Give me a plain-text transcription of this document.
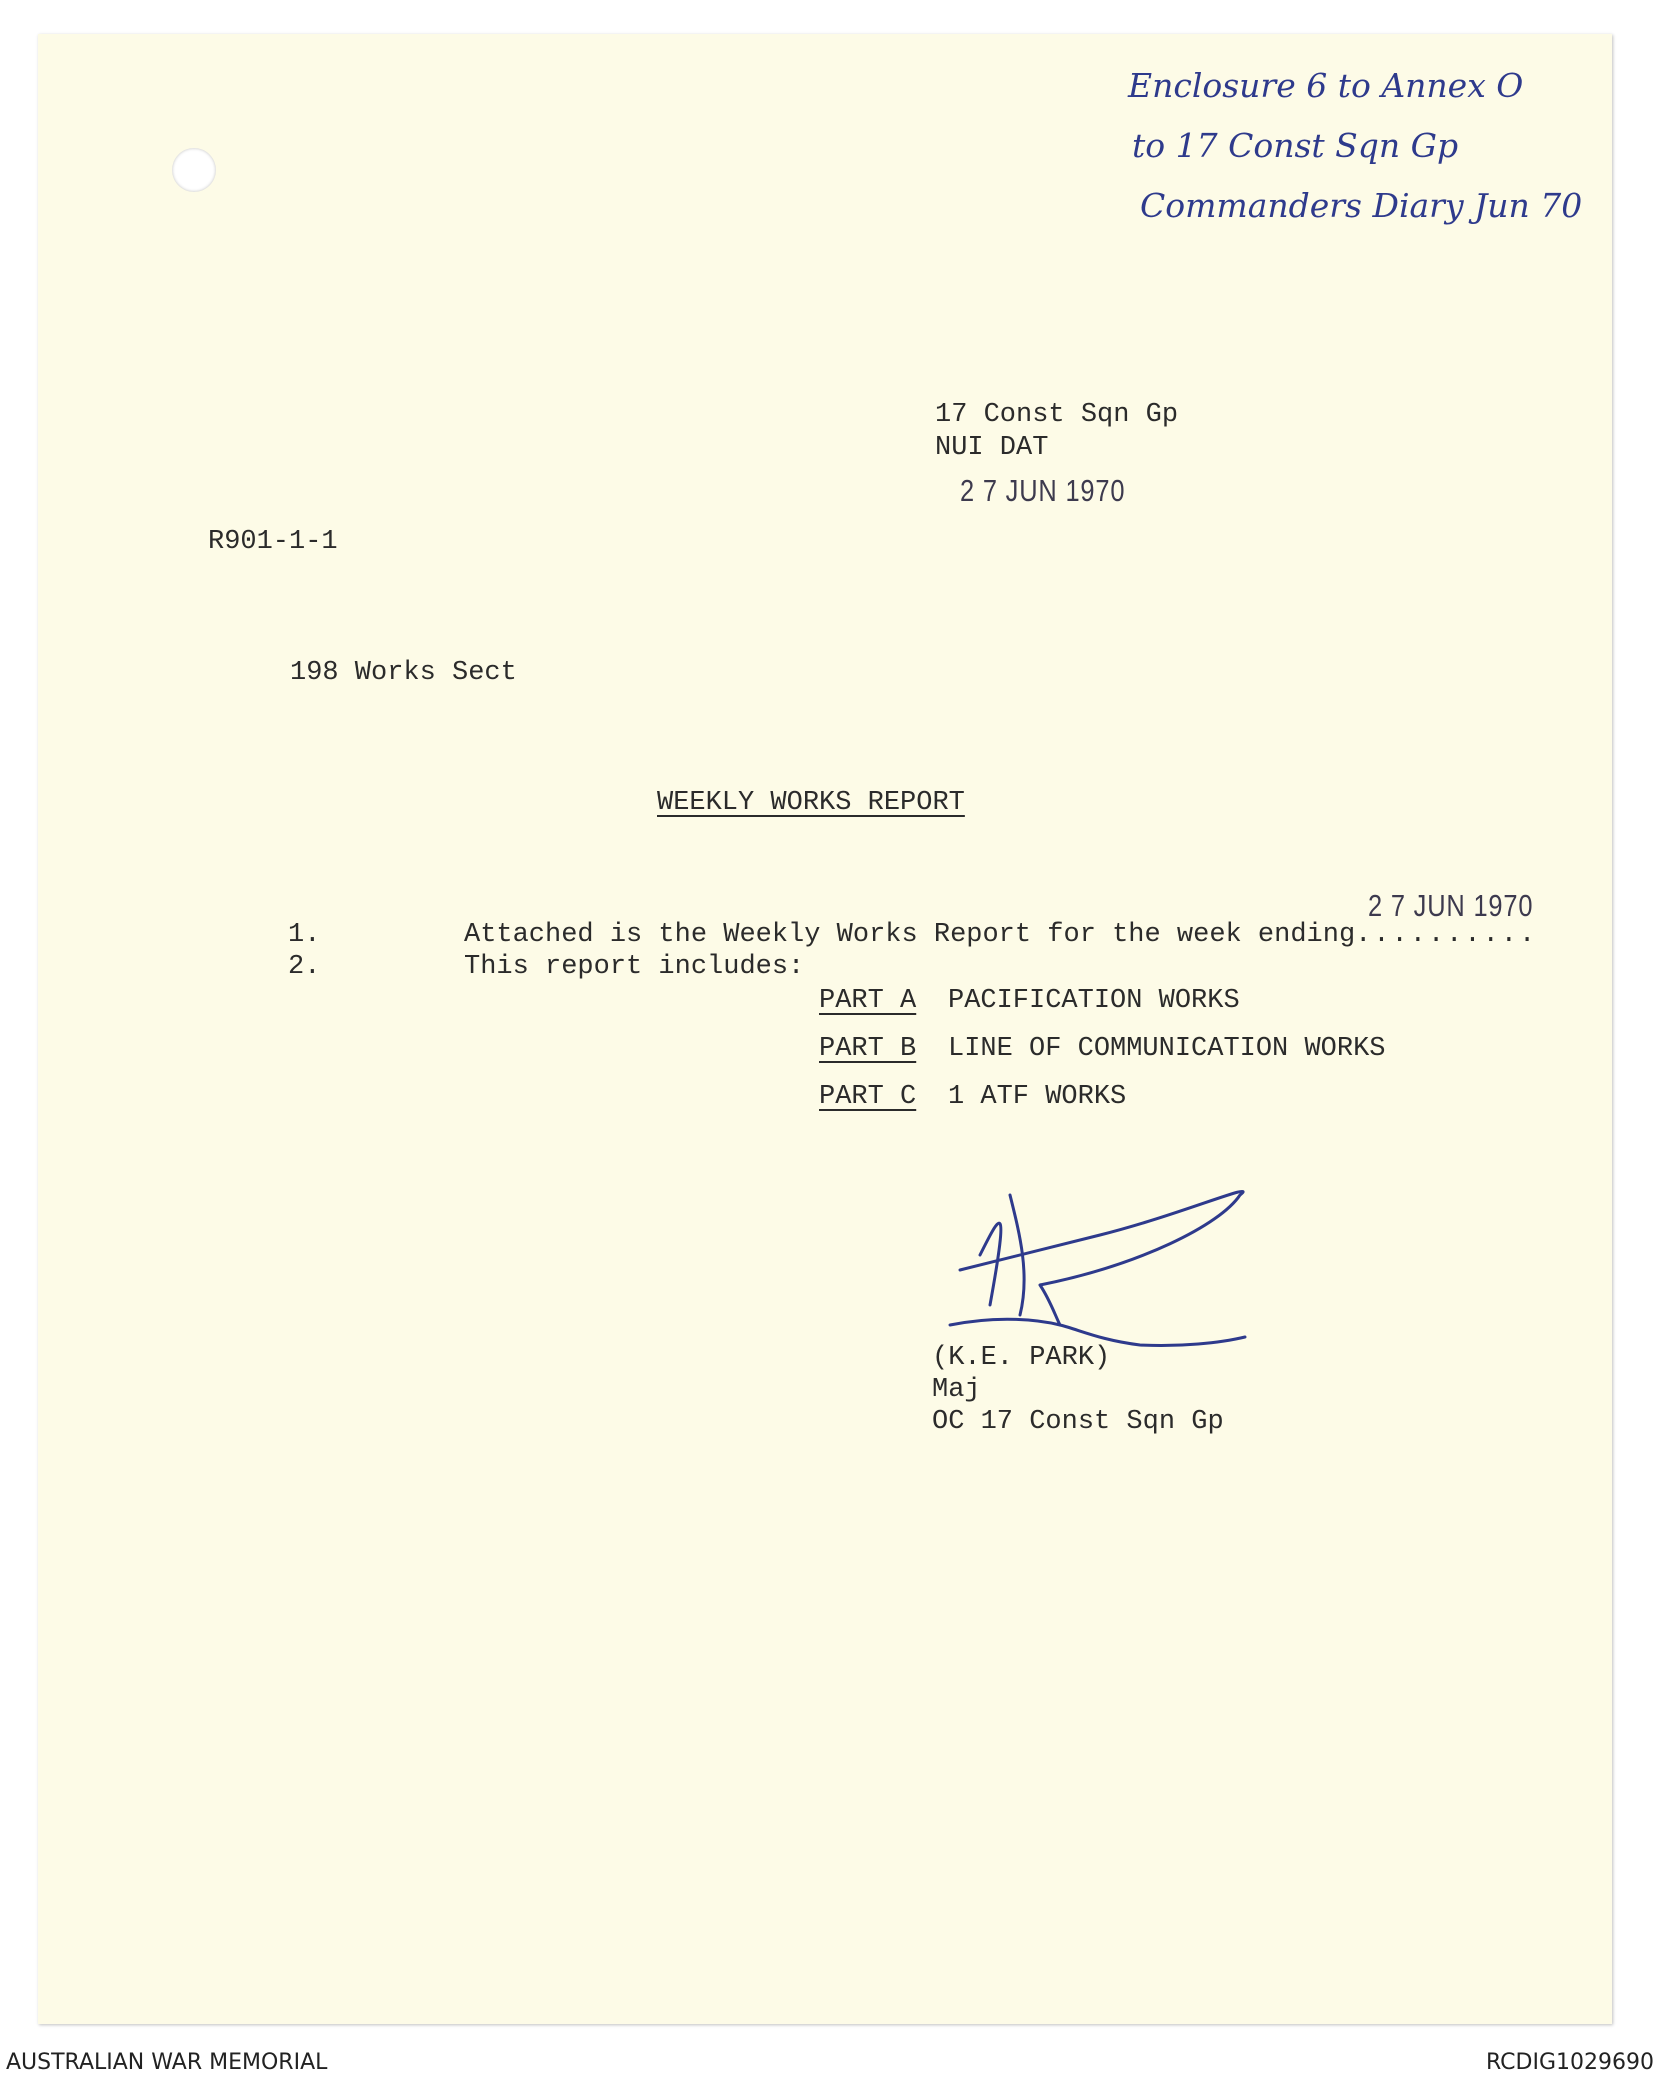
Enclosure 6 to Annex O
to 17 Const Sqn Gp
Commanders Diary Jun 70
17 Const Sqn Gp
NUI DAT
2 7 JUN 1970
R901-1-1
198 Works Sect
WEEKLY WORKS REPORT
2 7 JUN 1970
1.	Attached is the Weekly Works Report for the week ending..........
2.	This report includes:
PART A PACIFICATION WORKS
PART B LINE OF COMMUNICATION WORKS
PART C 1 ATF WORKS
(K.E. PARK)
Maj
OC 17 Const Sqn Gp
AUSTRALIAN WAR MEMORIAL	RCDIG1029690
